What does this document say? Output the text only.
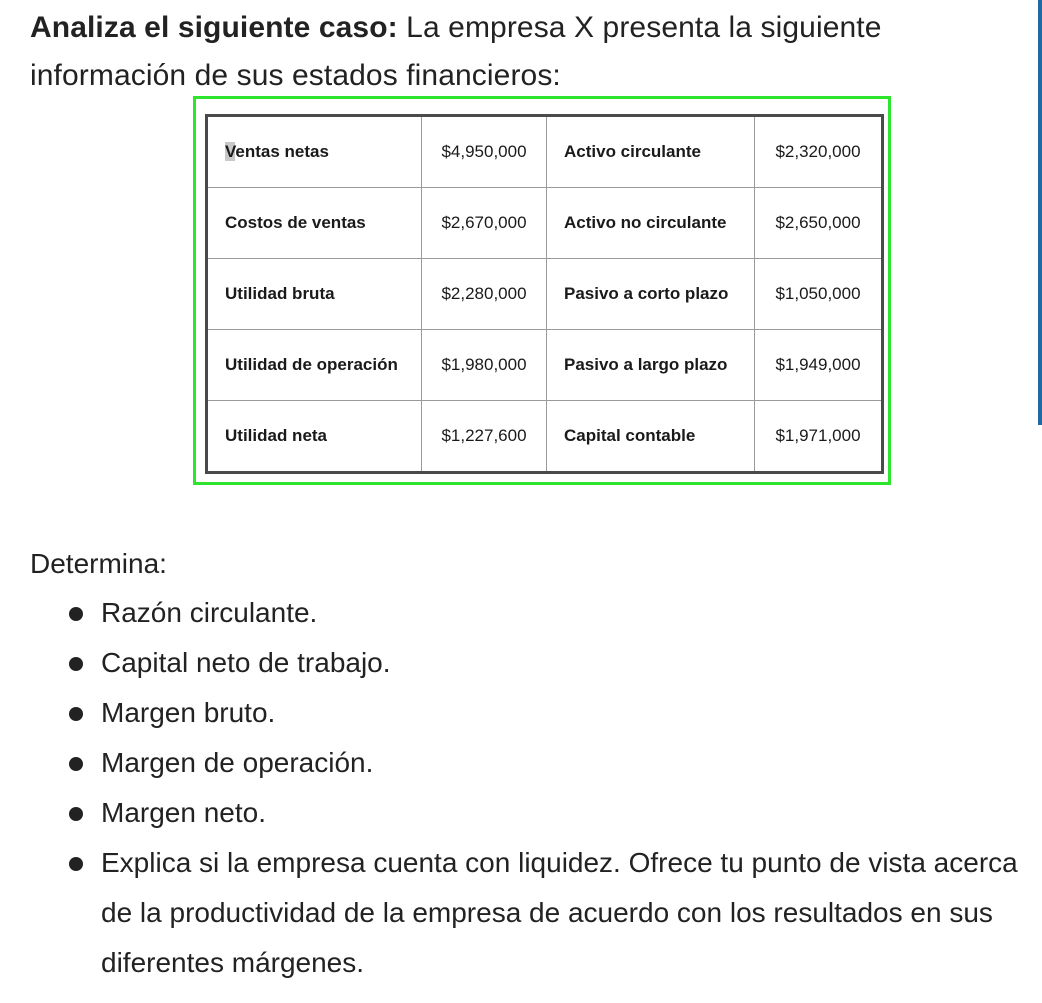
Analiza el siguiente caso: La empresa X presenta la siguiente información de sus estados financieros:
Ventas netas	$4,950,000	Activo circulante	$2,320,000
Costos de ventas	$2,670,000	Activo no circulante	$2,650,000
Utilidad bruta	$2,280,000	Pasivo a corto plazo	$1,050,000
Utilidad de operación	$1,980,000	Pasivo a largo plazo	$1,949,000
Utilidad neta	$1,227,600	Capital contable	$1,971,000
Determina:
Razón circulante.
Capital neto de trabajo.
Margen bruto.
Margen de operación.
Margen neto.
Explica si la empresa cuenta con liquidez. Ofrece tu punto de vista acerca de la productividad de la empresa de acuerdo con los resultados en sus diferentes márgenes.
